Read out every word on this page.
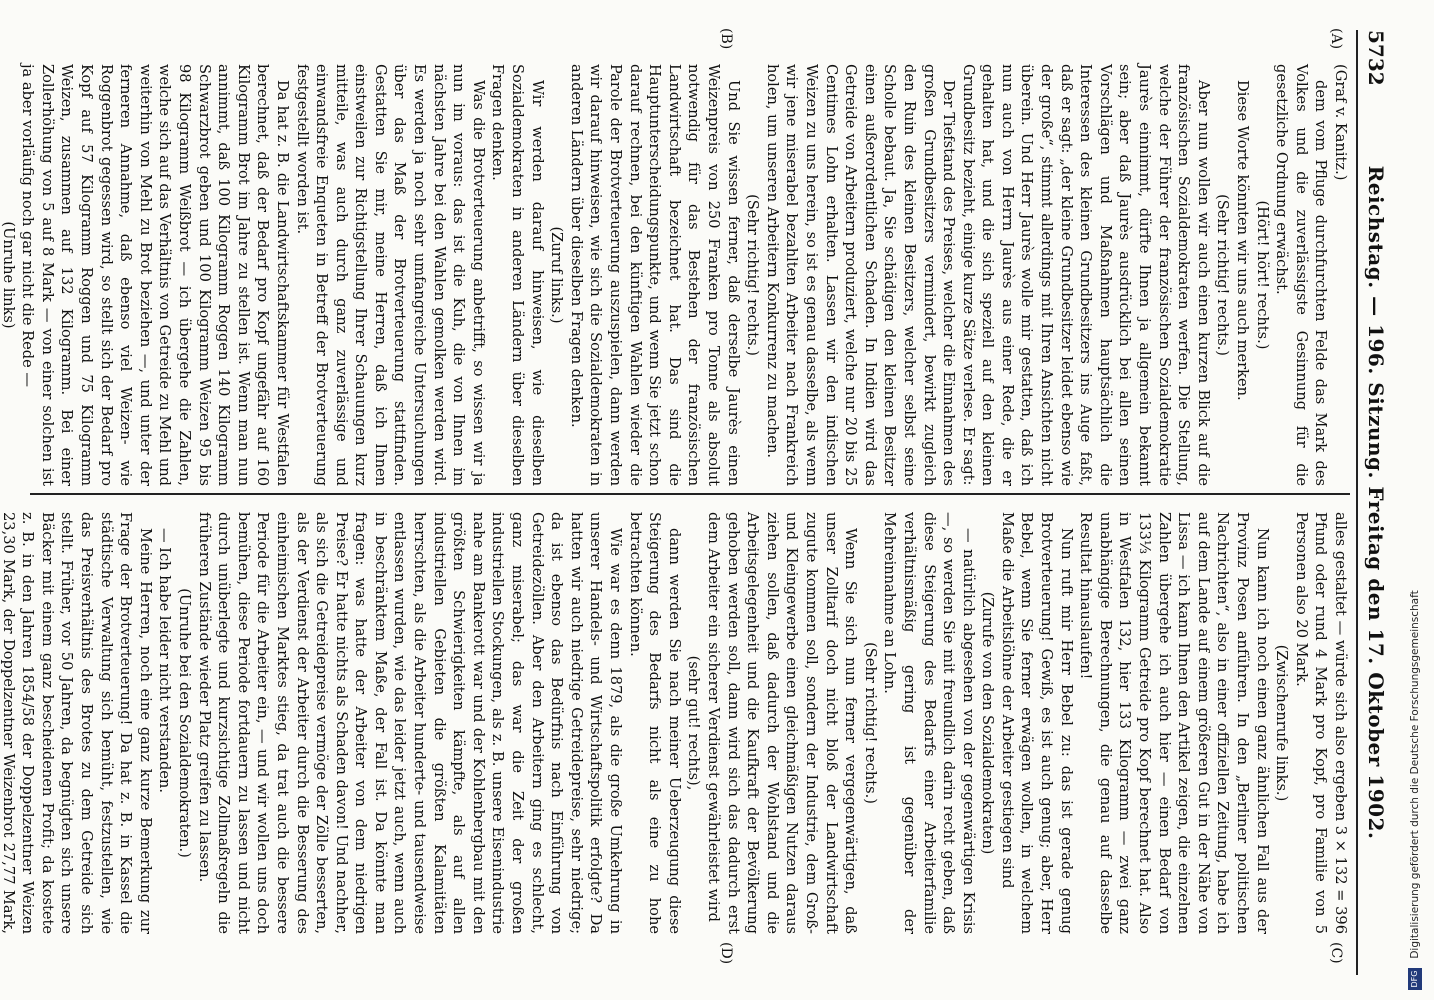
5732
Reichstag. — 196. Sitzung. Freitag den 17. Oktober 1902.
(A)
(B)
(C)
(D)

(Graf v. Kanitz.)

dem vom Pfluge durchfurchten Felde das Mark des Volkes und die zuverlässigste Gesinnung für die gesetzliche Ordnung erwächst.

(Hört! hört! rechts.)

Diese Worte könnten wir uns auch merken.

(Sehr richtig! rechts.)

Aber nun wollen wir auch einen kurzen Blick auf die französischen Sozialdemokraten werfen. Die Stellung, welche der Führer der französischen Sozialdemokratie Jaurès einnimmt, dürfte Ihnen ja allgemein bekannt sein; aber daß Jaurès ausdrücklich bei allen seinen Vorschlägen und Maßnahmen hauptsächlich die Interessen des kleinen Grundbesitzers ins Auge faßt, daß er sagt: „der kleine Grundbesitzer leidet ebenso wie der große“, stimmt allerdings mit Ihren Ansichten nicht überein. Und Herr Jaurès wolle mir gestatten, daß ich nun auch von Herrn Jaurès aus einer Rede, die er gehalten hat, und die sich speziell auf den kleinen Grundbesitz bezieht, einige kurze Sätze verlese. Er sagt:

Der Tiefstand des Preises, welcher die Einnahmen des großen Grundbesitzers vermindert, bewirkt zugleich den Ruin des kleinen Besitzers, welcher selbst seine Scholle bebaut. Ja, Sie schädigen den kleinen Besitzer einen außerordentlichen Schaden. In Indien wird das Getreide von Arbeitern produziert, welche nur 20 bis 25 Centimes Lohn erhalten. Lassen wir den indischen Weizen zu uns herein, so ist es genau dasselbe, als wenn wir jene miserabel bezahlten Arbeiter nach Frankreich holen, um unseren Arbeitern Konkurrenz zu machen.

(Sehr richtig! rechts.)

Und Sie wissen ferner, daß derselbe Jaurès einen Weizenpreis von 250 Franken pro Tonne als absolut notwendig für das Bestehen der französischen Landwirtschaft bezeichnet hat. Das sind die Hauptunterscheidungspunkte, und wenn Sie jetzt schon darauf rechnen, bei den künftigen Wahlen wieder die Parole der Brotverteuerung auszuspielen, dann werden wir darauf hinweisen, wie sich die Sozialdemokraten in anderen Ländern über dieselben Fragen denken.

(Zuruf links.)

Wir werden darauf hinweisen, wie dieselben Sozialdemokraten in anderen Ländern über dieselben Fragen denken.

Was die Brotverteuerung anbetrifft, so wissen wir ja nun im voraus: das ist die Kuh, die von Ihnen im nächsten Jahre bei den Wahlen gemolken werden wird. Es werden ja noch sehr umfangreiche Untersuchungen über das Maß der Brotverteuerung stattfinden. Gestatten Sie mir, meine Herren, daß ich Ihnen einstweilen zur Richtigstellung Ihrer Schauungen kurz mitteile, was auch durch ganz zuverlässige und einwandsfreie Enqueten in Betreff der Brotverteuerung festgestellt worden ist.

Da hat z. B. die Landwirtschaftskammer für Westfalen berechnet, daß der Bedarf pro Kopf ungefähr auf 160 Kilogramm Brot im Jahre zu stellen ist. Wenn man nun annimmt, daß 100 Kilogramm Roggen 140 Kilogramm Schwarzbrot geben und 100 Kilogramm Weizen 95 bis 98 Kilogramm Weißbrot — ich übergehe die Zahlen, welche sich auf das Verhältnis von Getreide zu Mehl und weiterhin von Mehl zu Brot beziehen —, und unter der ferneren Annahme, daß ebenso viel Weizen- wie Roggenbrot gegessen wird, so stellt sich der Bedarf pro Kopf auf 57 Kilogramm Roggen und 75 Kilogramm Weizen, zusammen auf 132 Kilogramm. Bei einer Zollerhöhung von 5 auf 8 Mark — von einer solchen ist ja aber vorläufig noch gar nicht die Rede —

(Unruhe links)

alles gestaltet — würde sich also ergeben 3 × 132 = 396 Pfund oder rund 4 Mark pro Kopf, pro Familie von 5 Personen also 20 Mark.

(Zwischenrufe links.)

Nun kann ich noch einen ganz ähnlichen Fall aus der Provinz Posen anführen. In den „Berliner politischen Nachrichten“, also in einer offiziellen Zeitung, habe ich auf dem Lande auf einem größeren Gut in der Nähe von Lissa — ich kann Ihnen den Artikel zeigen, die einzelnen Zahlen übergehe ich auch hier — einen Bedarf von 133⅓ Kilogramm Getreide pro Kopf berechnet hat. Also in Westfalen 132, hier 133 Kilogramm — zwei ganz unabhängige Berechnungen, die genau auf dasselbe Resultat hinauslaufen!

Nun ruft mir Herr Bebel zu: das ist gerade genug Brotverteuerung! Gewiß, es ist auch genug; aber, Herr Bebel, wenn Sie ferner erwägen wollen, in welchem Maße die Arbeitslöhne der Arbeiter gestiegen sind

(Zurufe von den Sozialdemokraten)

— natürlich abgesehen von der gegenwärtigen Krisis —, so werden Sie mit freundlich darin recht geben, daß diese Steigerung des Bedarfs einer Arbeiterfamilie verhältnismäßig gering ist gegenüber der Mehreinnahme an Lohn.

(Sehr richtig! rechts.)

Wenn Sie sich nun ferner vergegenwärtigen, daß unser Zolltarif doch nicht bloß der Landwirtschaft zugute kommen soll, sondern der Industrie, dem Groß- und Kleingewerbe einen gleichmäßigen Nutzen daraus ziehen sollen, daß dadurch der Wohlstand und die Arbeitsgelegenheit und die Kaufkraft der Bevölkerung gehoben werden soll, dann wird sich das dadurch erst dem Arbeiter ein sicherer Verdienst gewährleistet wird

(sehr gut! rechts),

dann werden Sie nach meiner Ueberzeugung diese Steigerung des Bedarfs nicht als eine zu hohe betrachten können.

Wie war es denn 1879, als die große Umkehrung in unserer Handels- und Wirtschaftspolitik erfolgte? Da hatten wir auch niedrige Getreidepreise, sehr niedrige; da ist ebenso das Bedürfnis nach Einführung von Getreidezöllen. Aber den Arbeitern ging es schlecht, ganz miserabel; das war die Zeit der großen industriellen Stockungen, als z. B. unsere Eisenindustrie nahe am Bankerott war und der Kohlenbergbau mit den größten Schwierigkeiten kämpfte, als auf allen industriellen Gebieten die größten Kalamitäten herrschten, als die Arbeiter hunderte- und tausendweise entlassen wurden, wie das leider jetzt auch, wenn auch in beschränktem Maße, der Fall ist. Da könnte man fragen: was hatte der Arbeiter von dem niedrigen Preise? Er hatte nichts als Schaden davon! Und nachher, als sich die Getreidepreise vermöge der Zölle besserten, als der Verdienst der Arbeiter durch die Besserung des einheimischen Marktes stieg, da trat auch die bessere Periode für die Arbeiter ein, — und wir wollen uns doch bemühen, diese Periode fortdauern zu lassen und nicht durch unüberlegte und kurzsichtige Zollmaßregeln die früheren Zustände wieder Platz greifen zu lassen.

(Unruhe bei den Sozialdemokraten.)

— Ich habe leider nicht verstanden.

Meine Herren, noch eine ganz kurze Bemerkung zur Frage der Brotverteuerung! Da hat z. B. in Kassel die städtische Verwaltung sich bemüht, festzustellen, wie das Preisverhältnis des Brotes zu dem Getreide sich stellt. Früher, vor 50 Jahren, da begnügten sich unsere Bäcker mit einem ganz bescheidenen Profit; da kostete z. B. in den Jahren 1854/58 der Doppelzentner Weizen 23,30 Mark, der Doppelzentner Weizenbrot 27,77 Mark,

DFG Digitalisierung gefördert durch die Deutsche Forschungsgemeinschaft
